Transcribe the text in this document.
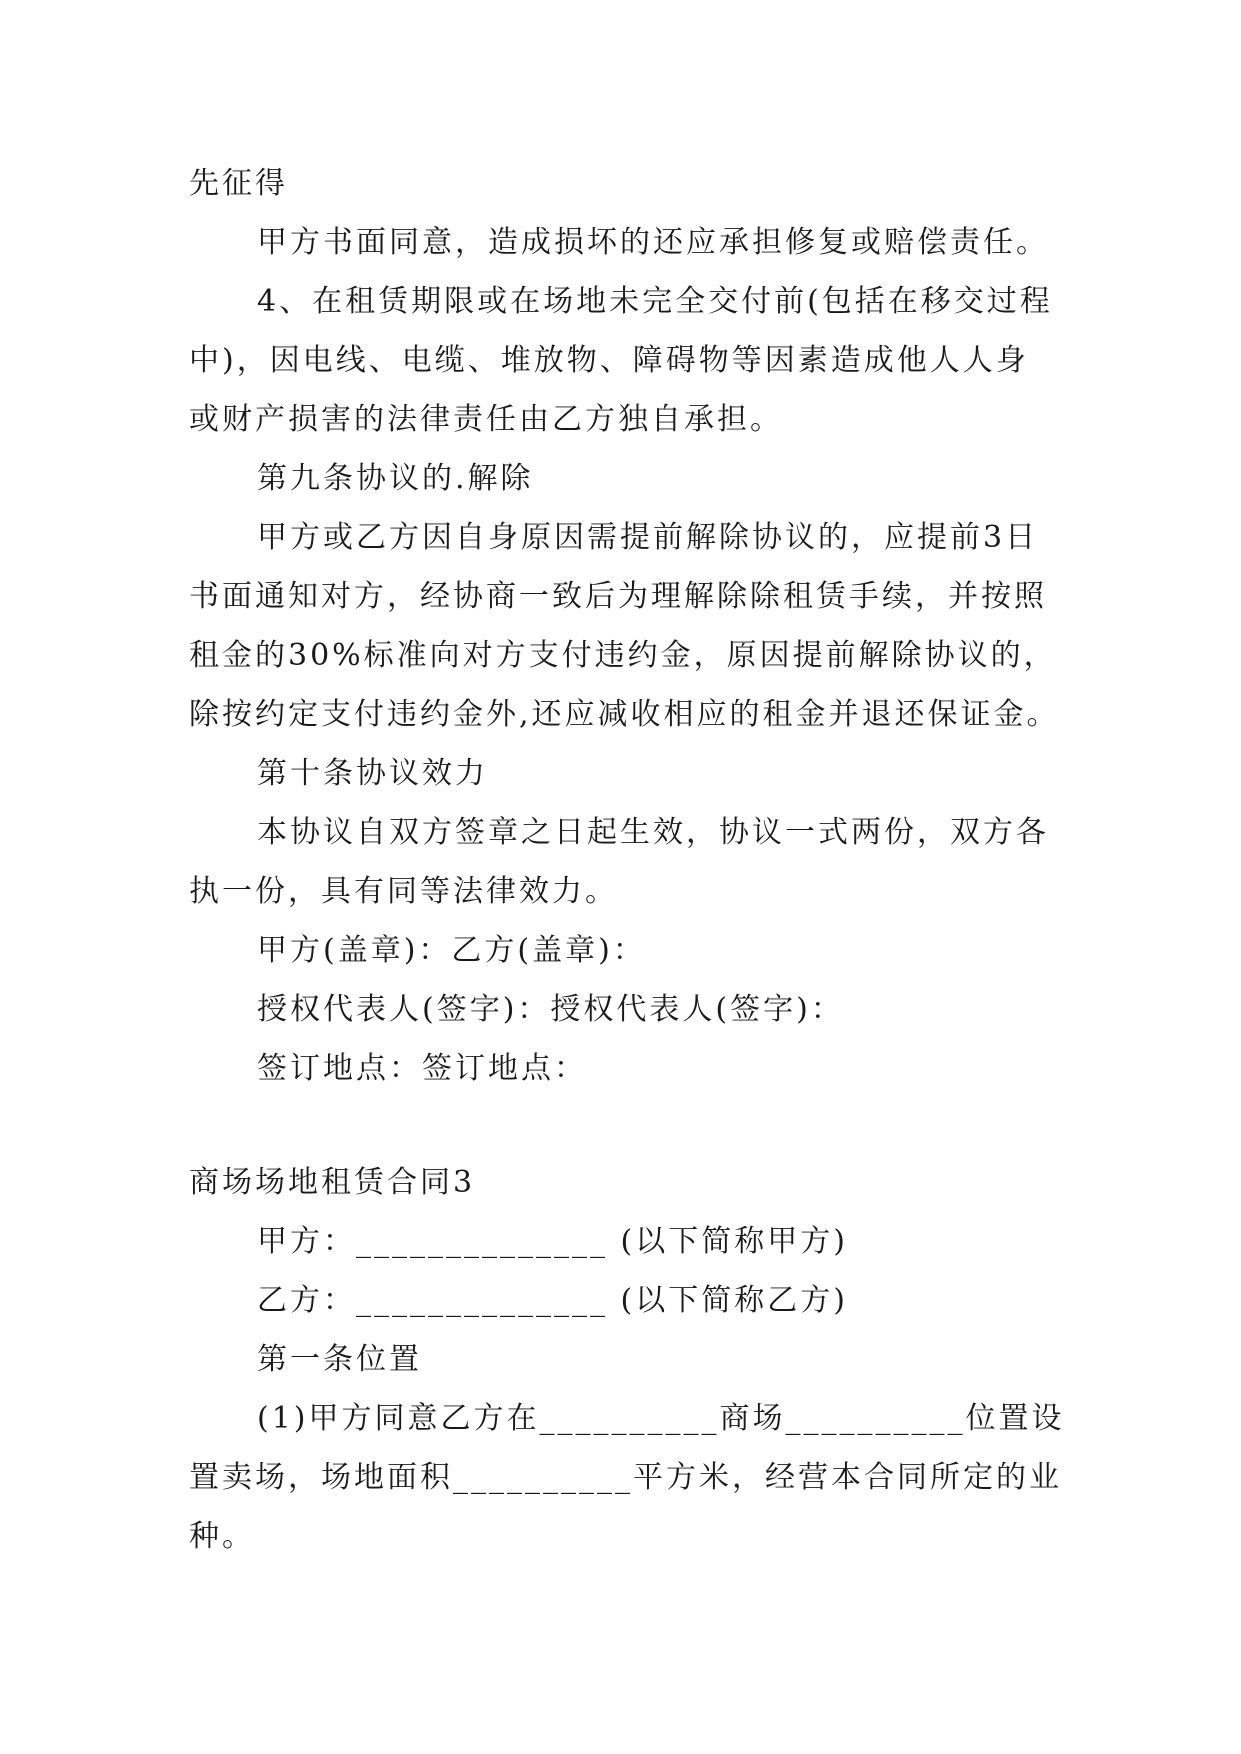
先征得
甲方书面同意，造成损坏的还应承担修复或赔偿责任。
4、在租赁期限或在场地未完全交付前(包括在移交过程
中)，因电线、电缆、堆放物、障碍物等因素造成他人人身
或财产损害的法律责任由乙方独自承担。
第九条协议的.解除
甲方或乙方因自身原因需提前解除协议的，应提前3日
书面通知对方，经协商一致后为理解除除租赁手续，并按照
租金的30%标准向对方支付违约金，原因提前解除协议的，
除按约定支付违约金外,还应减收相应的租金并退还保证金。
第十条协议效力
本协议自双方签章之日起生效，协议一式两份，双方各
执一份，具有同等法律效力。
甲方(盖章)：乙方(盖章)：
授权代表人(签字)：授权代表人(签字)：
签订地点：签订地点：
商场场地租赁合同3
甲方：______________ (以下简称甲方)
乙方：______________ (以下简称乙方)
第一条位置
(1)甲方同意乙方在__________商场__________位置设
置卖场，场地面积__________平方米，经营本合同所定的业
种。
